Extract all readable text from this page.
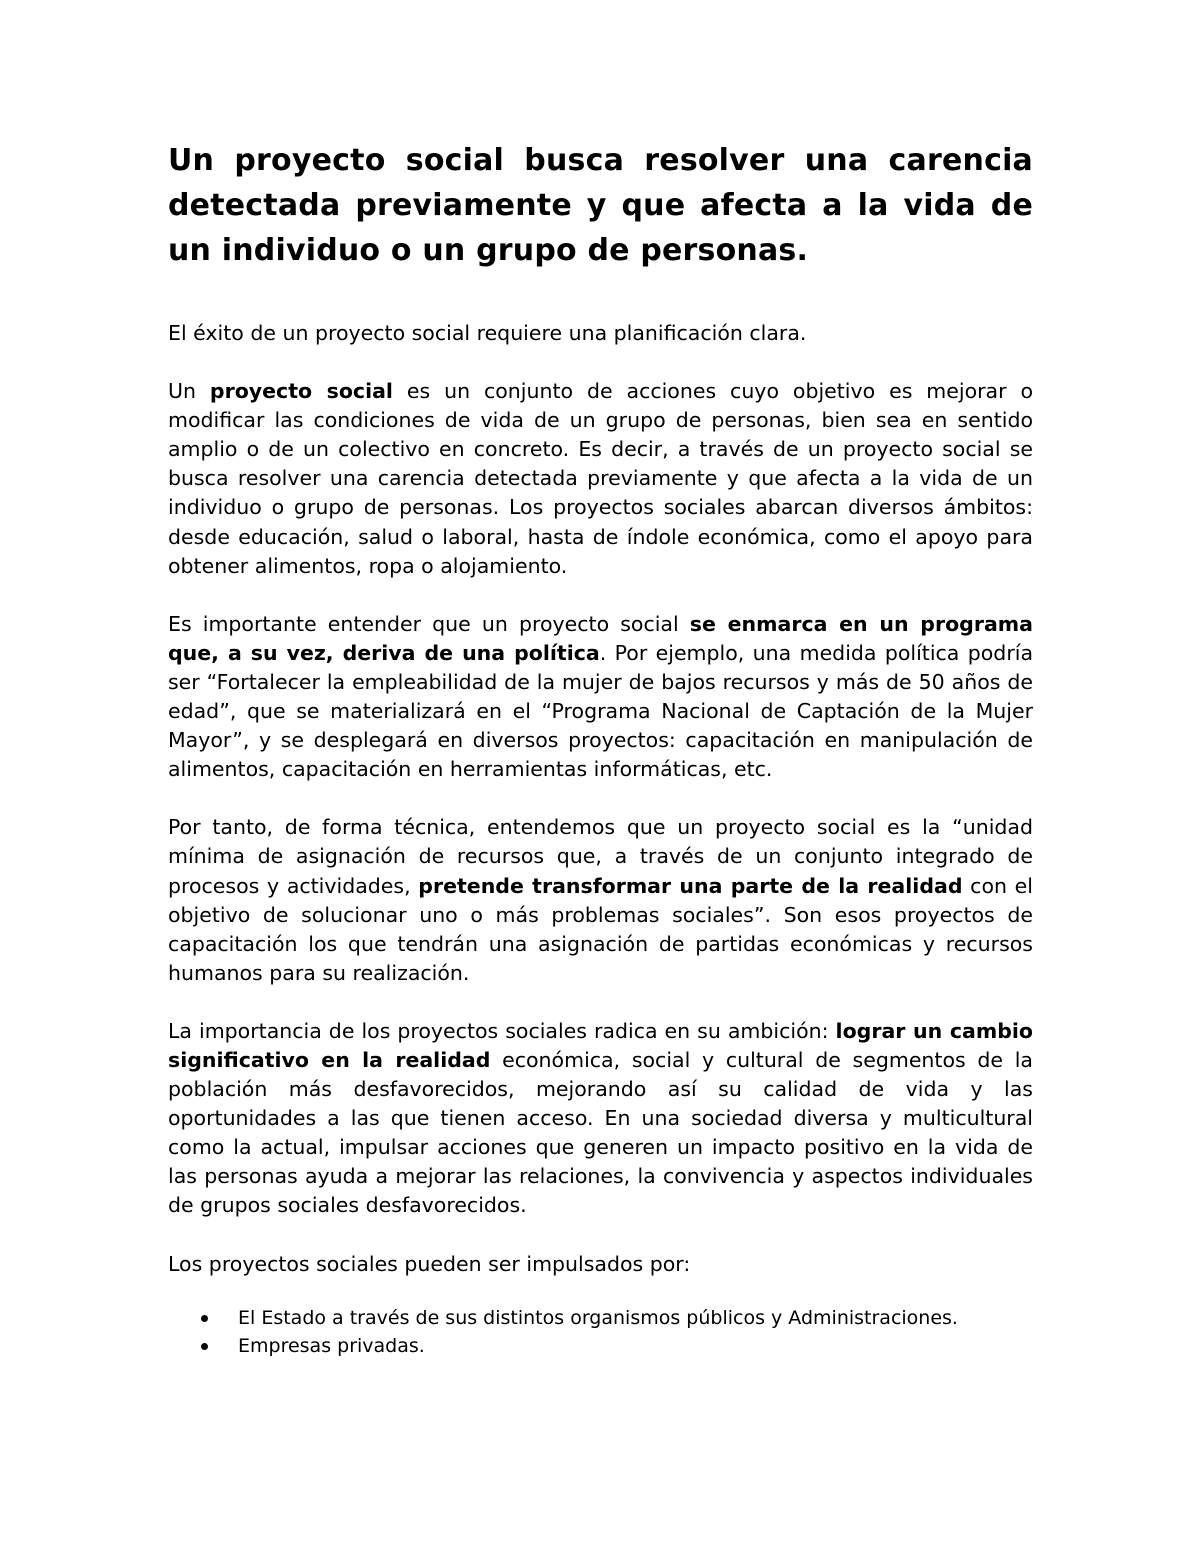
Un proyecto social busca resolver una carencia detectada previamente y que afecta a la vida de un individuo o un grupo de personas.

El éxito de un proyecto social requiere una planificación clara.

Un proyecto social es un conjunto de acciones cuyo objetivo es mejorar o modificar las condiciones de vida de un grupo de personas, bien sea en sentido amplio o de un colectivo en concreto. Es decir, a través de un proyecto social se busca resolver una carencia detectada previamente y que afecta a la vida de un individuo o grupo de personas. Los proyectos sociales abarcan diversos ámbitos: desde educación, salud o laboral, hasta de índole económica, como el apoyo para obtener alimentos, ropa o alojamiento.

Es importante entender que un proyecto social se enmarca en un programa que, a su vez, deriva de una política. Por ejemplo, una medida política podría ser “Fortalecer la empleabilidad de la mujer de bajos recursos y más de 50 años de edad”, que se materializará en el “Programa Nacional de Captación de la Mujer Mayor”, y se desplegará en diversos proyectos: capacitación en manipulación de alimentos, capacitación en herramientas informáticas, etc.

Por tanto, de forma técnica, entendemos que un proyecto social es la “unidad mínima de asignación de recursos que, a través de un conjunto integrado de procesos y actividades, pretende transformar una parte de la realidad con el objetivo de solucionar uno o más problemas sociales”. Son esos proyectos de capacitación los que tendrán una asignación de partidas económicas y recursos humanos para su realización.

La importancia de los proyectos sociales radica en su ambición: lograr un cambio significativo en la realidad económica, social y cultural de segmentos de la población más desfavorecidos, mejorando así su calidad de vida y las oportunidades a las que tienen acceso. En una sociedad diversa y multicultural como la actual, impulsar acciones que generen un impacto positivo en la vida de las personas ayuda a mejorar las relaciones, la convivencia y aspectos individuales de grupos sociales desfavorecidos.

Los proyectos sociales pueden ser impulsados por:

El Estado a través de sus distintos organismos públicos y Administraciones.
Empresas privadas.
